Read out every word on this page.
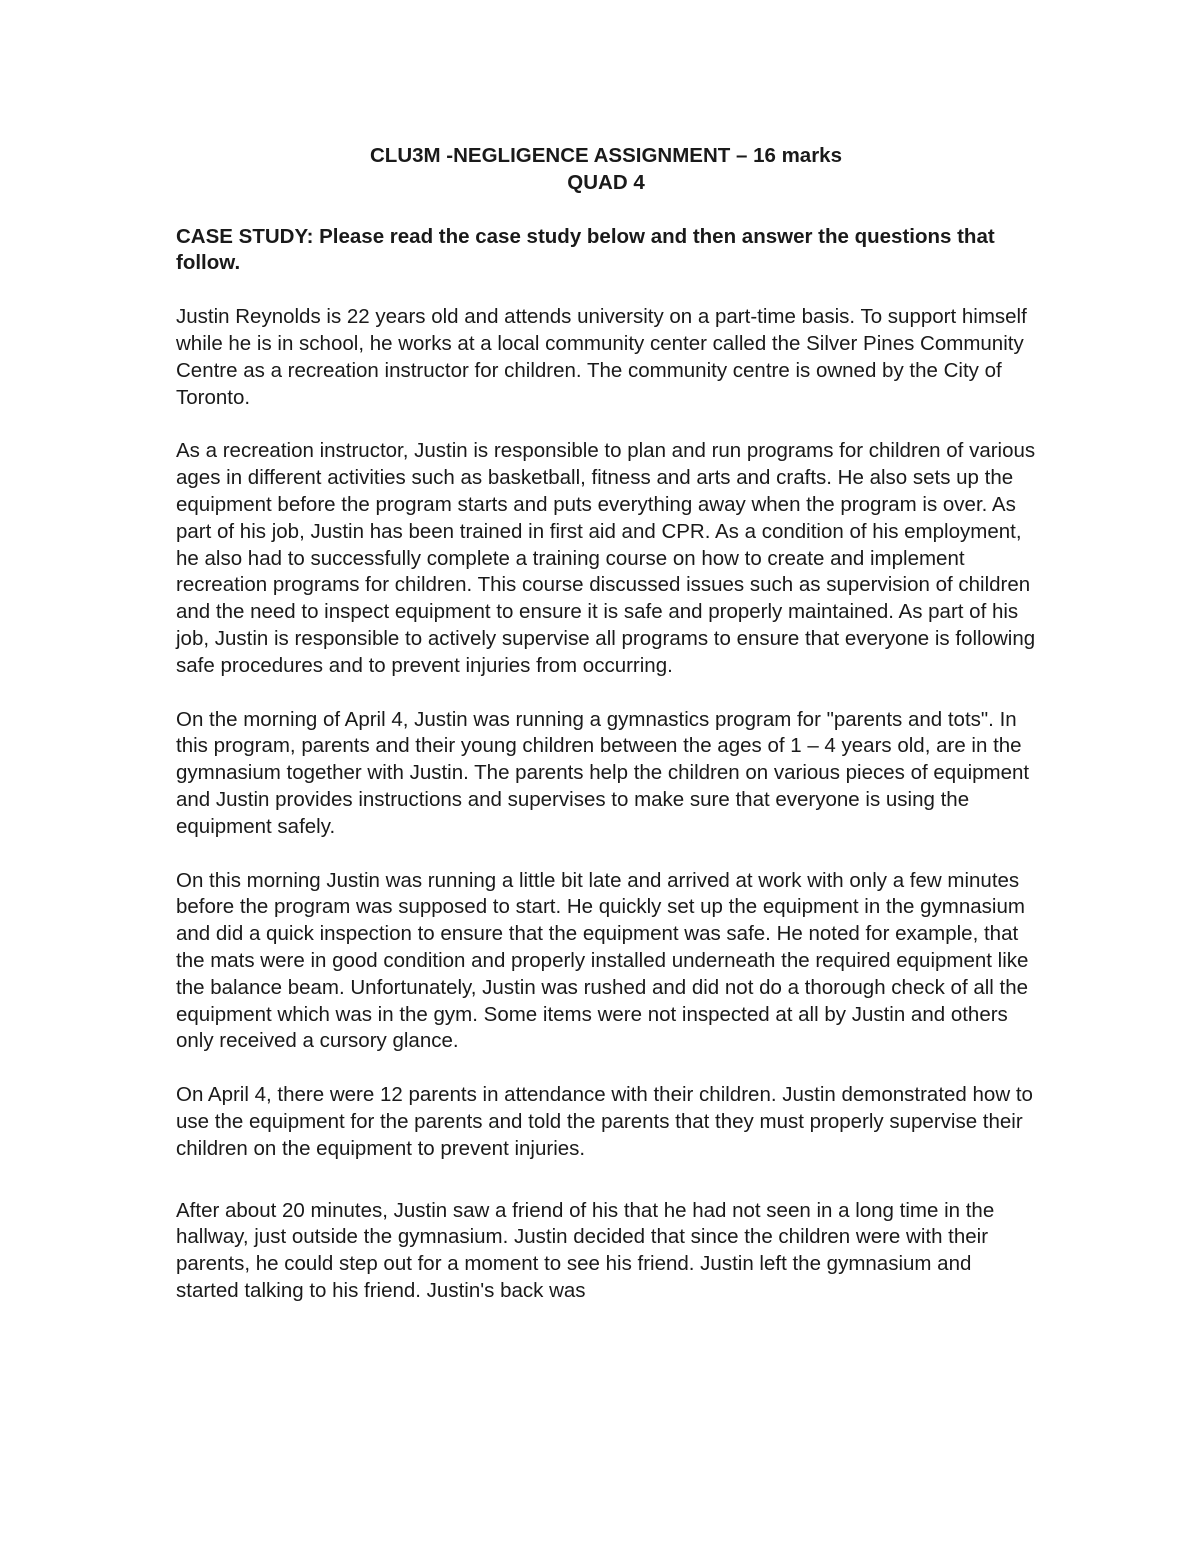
CLU3M -NEGLIGENCE ASSIGNMENT – 16 marks
QUAD 4

CASE STUDY: Please read the case study below and then answer the questions that follow.

Justin Reynolds is 22 years old and attends university on a part-time basis. To support himself while he is in school, he works at a local community center called the Silver Pines Community Centre as a recreation instructor for children. The community centre is owned by the City of Toronto.

As a recreation instructor, Justin is responsible to plan and run programs for children of various ages in different activities such as basketball, fitness and arts and crafts. He also sets up the equipment before the program starts and puts everything away when the program is over. As part of his job, Justin has been trained in first aid and CPR. As a condition of his employment, he also had to successfully complete a training course on how to create and implement recreation programs for children. This course discussed issues such as supervision of children and the need to inspect equipment to ensure it is safe and properly maintained. As part of his job, Justin is responsible to actively supervise all programs to ensure that everyone is following safe procedures and to prevent injuries from occurring.

On the morning of April 4, Justin was running a gymnastics program for "parents and tots". In this program, parents and their young children between the ages of 1 – 4 years old, are in the gymnasium together with Justin. The parents help the children on various pieces of equipment and Justin provides instructions and supervises to make sure that everyone is using the equipment safely.

On this morning Justin was running a little bit late and arrived at work with only a few minutes before the program was supposed to start. He quickly set up the equipment in the gymnasium and did a quick inspection to ensure that the equipment was safe. He noted for example, that the mats were in good condition and properly installed underneath the required equipment like the balance beam. Unfortunately, Justin was rushed and did not do a thorough check of all the equipment which was in the gym. Some items were not inspected at all by Justin and others only received a cursory glance.

On April 4, there were 12 parents in attendance with their children. Justin demonstrated how to use the equipment for the parents and told the parents that they must properly supervise their children on the equipment to prevent injuries.

After about 20 minutes, Justin saw a friend of his that he had not seen in a long time in the hallway, just outside the gymnasium. Justin decided that since the children were with their parents, he could step out for a moment to see his friend. Justin left the gymnasium and started talking to his friend. Justin's back was
